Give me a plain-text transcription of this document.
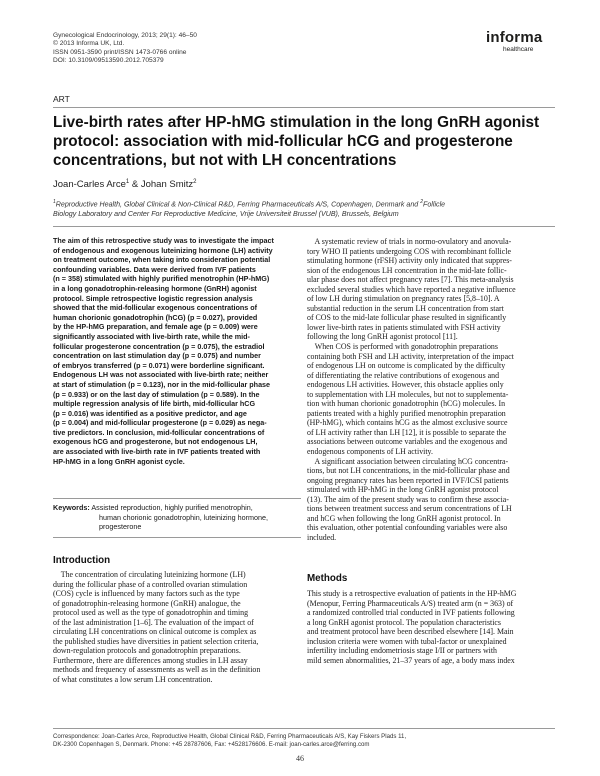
Gynecological Endocrinology, 2013; 29(1): 46–50
© 2013 Informa UK, Ltd.
ISSN 0951-3590 print/ISSN 1473-0766 online
DOI: 10.3109/09513590.2012.705379
informa
healthcare
ART
Live-birth rates after HP-hMG stimulation in the long GnRH agonist
protocol: association with mid-follicular hCG and progesterone
concentrations, but not with LH concentrations
Joan-Carles Arce$^1$ & Johan Smitz$^2$
$^1$Reproductive Health, Global Clinical & Non-Clinical R&D, Ferring Pharmaceuticals A/S, Copenhagen, Denmark and $^2$Follicle
Biology Laboratory and Center For Reproductive Medicine, Vrije Universiteit Brussel (VUB), Brussels, Belgium
The aim of this retrospective study was to investigate the impact
of endogenous and exogenous luteinizing hormone (LH) activity
on treatment outcome, when taking into consideration potential
confounding variables. Data were derived from IVF patients
(n = 358) stimulated with highly purified menotrophin (HP-hMG)
in a long gonadotrophin-releasing hormone (GnRH) agonist
protocol. Simple retrospective logistic regression analysis
showed that the mid-follicular exogenous concentrations of
human chorionic gonadotrophin (hCG) (p = 0.027), provided
by the HP-hMG preparation, and female age (p = 0.009) were
significantly associated with live-birth rate, while the mid-
follicular progesterone concentration (p = 0.075), the estradiol
concentration on last stimulation day (p = 0.075) and number
of embryos transferred (p = 0.071) were borderline significant.
Endogenous LH was not associated with live-birth rate; neither
at start of stimulation (p = 0.123), nor in the mid-follicular phase
(p = 0.933) or on the last day of stimulation (p = 0.589). In the
multiple regression analysis of life birth, mid-follicular hCG
(p = 0.016) was identified as a positive predictor, and age
(p = 0.004) and mid-follicular progesterone (p = 0.029) as nega-
tive predictors. In conclusion, mid-follicular concentrations of
exogenous hCG and progesterone, but not endogenous LH,
are associated with live-birth rate in IVF patients treated with
HP-hMG in a long GnRH agonist cycle.
Keywords: Assisted reproduction, highly purified menotrophin,
human chorionic gonadotrophin, luteinizing hormone,
progesterone
Introduction
The concentration of circulating luteinizing hormone (LH)
during the follicular phase of a controlled ovarian stimulation
(COS) cycle is influenced by many factors such as the type
of gonadotrophin-releasing hormone (GnRH) analogue, the
protocol used as well as the type of gonadotrophin and timing
of the last administration [1–6]. The evaluation of the impact of
circulating LH concentrations on clinical outcome is complex as
the published studies have diversities in patient selection criteria,
down-regulation protocols and gonadotrophin preparations.
Furthermore, there are differences among studies in LH assay
methods and frequency of assessments as well as in the definition
of what constitutes a low serum LH concentration.
A systematic review of trials in normo-ovulatory and anovula-
tory WHO II patients undergoing COS with recombinant follicle
stimulating hormone (rFSH) activity only indicated that suppres-
sion of the endogenous LH concentration in the mid-late follic-
ular phase does not affect pregnancy rates [7]. This meta-analysis
excluded several studies which have reported a negative influence
of low LH during stimulation on pregnancy rates [5,8–10]. A
substantial reduction in the serum LH concentration from start
of COS to the mid-late follicular phase resulted in significantly
lower live-birth rates in patients stimulated with FSH activity
following the long GnRH agonist protocol [11].
When COS is performed with gonadotrophin preparations
containing both FSH and LH activity, interpretation of the impact
of endogenous LH on outcome is complicated by the difficulty
of differentiating the relative contributions of exogenous and
endogenous LH activities. However, this obstacle applies only
to supplementation with LH molecules, but not to supplementa-
tion with human chorionic gonadotrophin (hCG) molecules. In
patients treated with a highly purified menotrophin preparation
(HP-hMG), which contains hCG as the almost exclusive source
of LH activity rather than LH [12], it is possible to separate the
associations between outcome variables and the exogenous and
endogenous components of LH activity.
A significant association between circulating hCG concentra-
tions, but not LH concentrations, in the mid-follicular phase and
ongoing pregnancy rates has been reported in IVF/ICSI patients
stimulated with HP-hMG in the long GnRH agonist protocol
(13). The aim of the present study was to confirm these associa-
tions between treatment success and serum concentrations of LH
and hCG when following the long GnRH agonist protocol. In
this evaluation, other potential confounding variables were also
included.
Methods
This study is a retrospective evaluation of patients in the HP-hMG
(Menopur, Ferring Pharmaceuticals A/S) treated arm (n = 363) of
a randomized controlled trial conducted in IVF patients following
a long GnRH agonist protocol. The population characteristics
and treatment protocol have been described elsewhere [14]. Main
inclusion criteria were women with tubal-factor or unexplained
infertility including endometriosis stage I/II or partners with
mild semen abnormalities, 21–37 years of age, a body mass index
Correspondence: Joan-Carles Arce, Reproductive Health, Global Clinical R&D, Ferring Pharmaceuticals A/S, Kay Fiskers Plads 11,
DK-2300 Copenhagen S, Denmark. Phone: +45 28787606, Fax: +4528176606. E-mail: joan-carles.arce@ferring.com
46
